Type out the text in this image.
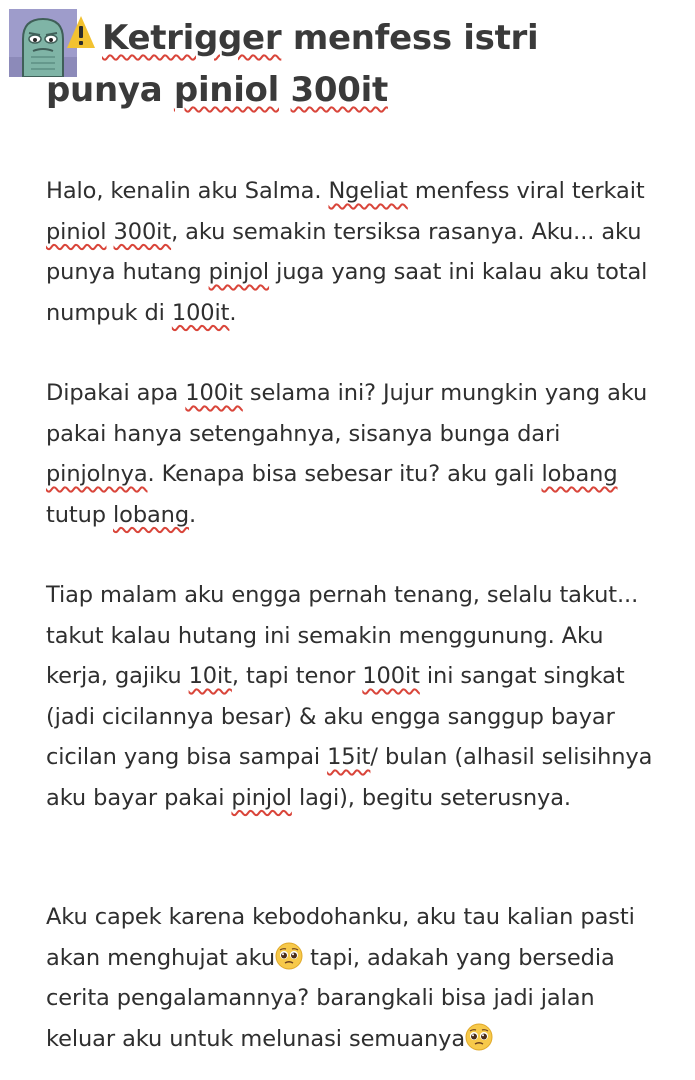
Ketrigger menfess istri punya piniol 300it

Halo, kenalin aku Salma. Ngeliat menfess viral terkait piniol 300it, aku semakin tersiksa rasanya. Aku... aku punya hutang pinjol juga yang saat ini kalau aku total numpuk di 100it.

Dipakai apa 100it selama ini? Jujur mungkin yang aku pakai hanya setengahnya, sisanya bunga dari pinjolnya. Kenapa bisa sebesar itu? aku gali lobang tutup lobang.

Tiap malam aku engga pernah tenang, selalu takut... takut kalau hutang ini semakin menggunung. Aku kerja, gajiku 10it, tapi tenor 100it ini sangat singkat (jadi cicilannya besar) & aku engga sanggup bayar cicilan yang bisa sampai 15it/ bulan (alhasil selisihnya aku bayar pakai pinjol lagi), begitu seterusnya.

Aku capek karena kebodohanku, aku tau kalian pasti akan menghujat aku tapi, adakah yang bersedia cerita pengalamannya? barangkali bisa jadi jalan keluar aku untuk melunasi semuanya
